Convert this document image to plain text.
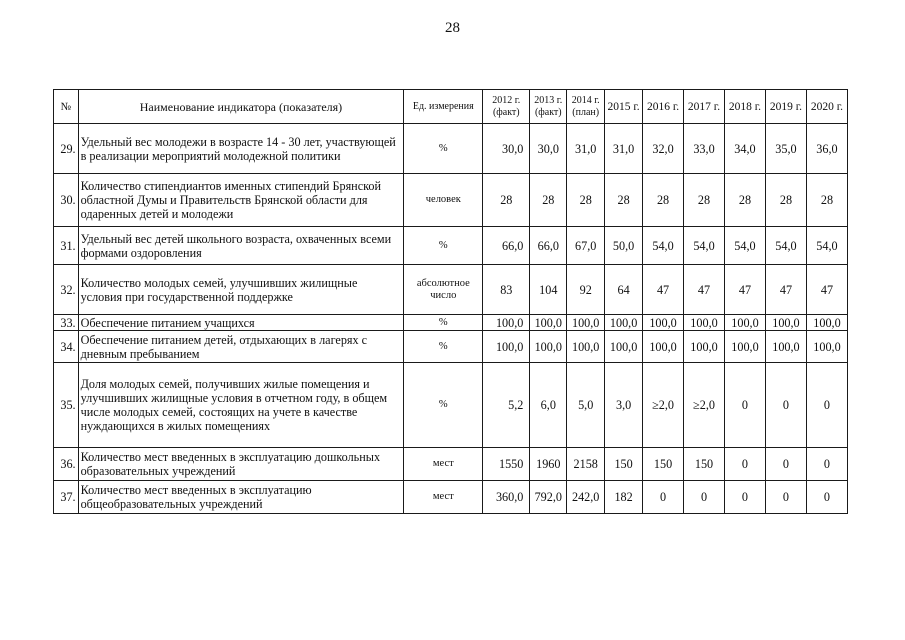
28
№	Наименование индикатора (показателя)	Ед. измерения	2012 г. (факт)	2013 г. (факт)	2014 г. (план)	2015 г.	2016 г.	2017 г.	2018 г.	2019 г.	2020 г.
29.	Удельный вес молодежи в возрасте 14 - 30 лет, участвующей в реализации мероприятий молодежной политики	%	30,0	30,0	31,0	31,0	32,0	33,0	34,0	35,0	36,0
30.	Количество стипендиантов именных стипендий Брянской областной Думы и Правительств Брянской области для одаренных детей и молодежи	человек	28	28	28	28	28	28	28	28	28
31.	Удельный вес детей школьного возраста, охваченных всеми формами оздоровления	%	66,0	66,0	67,0	50,0	54,0	54,0	54,0	54,0	54,0
32.	Количество молодых семей, улучшивших жилищные условия при государственной поддержке	абсолютное число	83	104	92	64	47	47	47	47	47
33.	Обеспечение питанием учащихся	%	100,0	100,0	100,0	100,0	100,0	100,0	100,0	100,0	100,0
34.	Обеспечение питанием детей, отдыхающих в лагерях с дневным пребыванием	%	100,0	100,0	100,0	100,0	100,0	100,0	100,0	100,0	100,0
35.	Доля молодых семей, получивших жилые помещения и улучшивших жилищные условия в отчетном году, в общем числе молодых семей, состоящих на учете в качестве нуждающихся в жилых помещениях	%	5,2	6,0	5,0	3,0	≥2,0	≥2,0	0	0	0
36.	Количество мест введенных в эксплуатацию дошкольных образовательных учреждений	мест	1550	1960	2158	150	150	150	0	0	0
37.	Количество мест введенных в эксплуатацию общеобразовательных учреждений	мест	360,0	792,0	242,0	182	0	0	0	0	0
